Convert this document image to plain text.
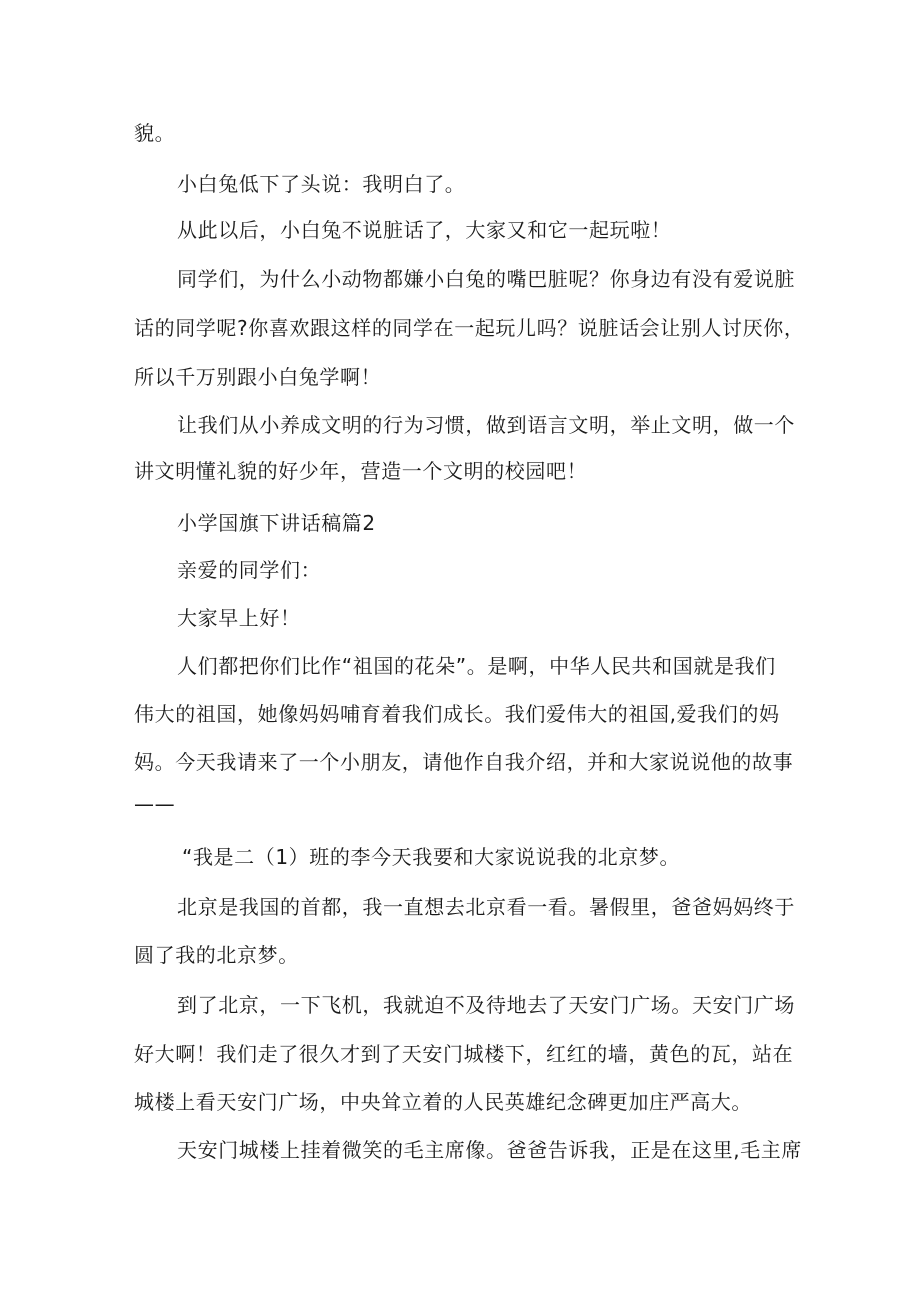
貌。
小白兔低下了头说：我明白了。
从此以后，小白兔不说脏话了，大家又和它一起玩啦！
同学们，为什么小动物都嫌小白兔的嘴巴脏呢？你身边有没有爱说脏
话的同学呢?你喜欢跟这样的同学在一起玩儿吗？说脏话会让别人讨厌你，
所以千万别跟小白兔学啊！
让我们从小养成文明的行为习惯，做到语言文明，举止文明，做一个
讲文明懂礼貌的好少年，营造一个文明的校园吧！
小学国旗下讲话稿篇2
亲爱的同学们：
大家早上好！
人们都把你们比作“祖国的花朵”。是啊，中华人民共和国就是我们
伟大的祖国，她像妈妈哺育着我们成长。我们爱伟大的祖国,爱我们的妈
妈。今天我请来了一个小朋友，请他作自我介绍，并和大家说说他的故事
——
“我是二（1）班的李今天我要和大家说说我的北京梦。
北京是我国的首都，我一直想去北京看一看。暑假里，爸爸妈妈终于
圆了我的北京梦。
到了北京，一下飞机，我就迫不及待地去了天安门广场。天安门广场
好大啊！我们走了很久才到了天安门城楼下，红红的墙，黄色的瓦，站在
城楼上看天安门广场，中央耸立着的人民英雄纪念碑更加庄严高大。
天安门城楼上挂着微笑的毛主席像。爸爸告诉我，正是在这里,毛主席
